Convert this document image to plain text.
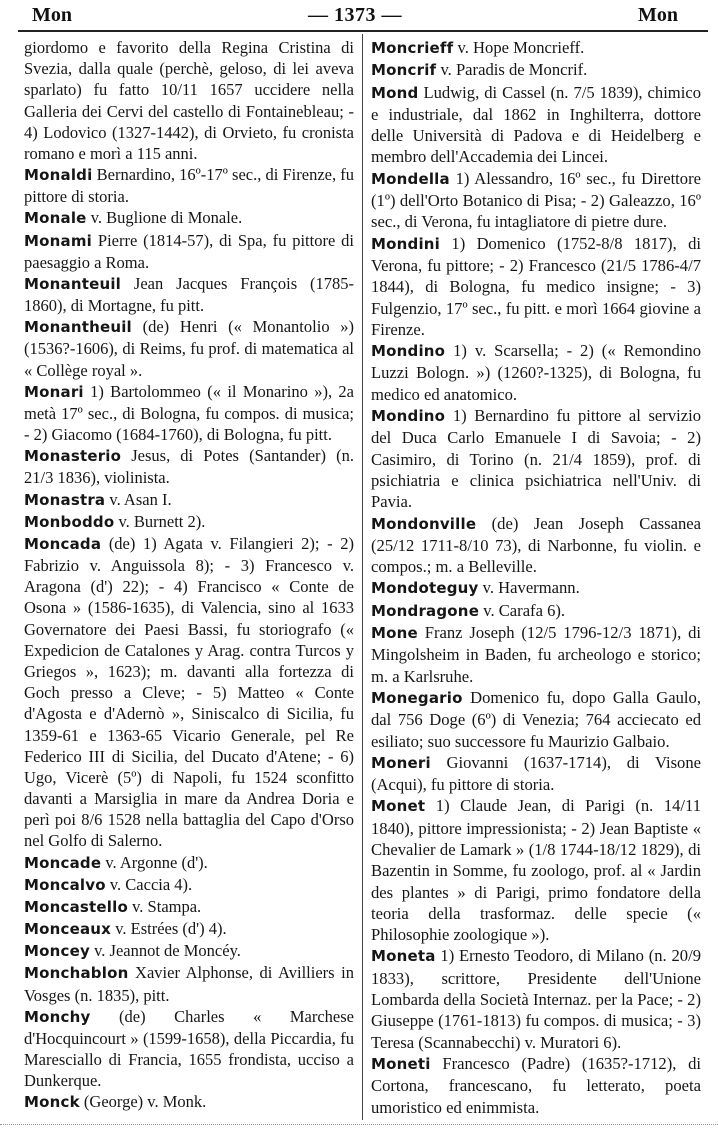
Mon	— 1373 —	Mon

giordomo e favorito della Regina Cristina di Svezia, dalla quale (perchè, geloso, di lei aveva sparlato) fu fatto 10/11 1657 uccidere nella Galleria dei Cervi del castello di Fontainebleau; - 4) Lodovico (1327-1442), di Orvieto, fu cronista romano e morì a 115 anni.

Monaldi Bernardino, 16º-17º sec., di Firenze, fu pittore di storia.

Monale v. Buglione di Monale.

Monami Pierre (1814-57), di Spa, fu pittore di paesaggio a Roma.

Monanteuil Jean Jacques François (1785-1860), di Mortagne, fu pitt.

Monantheuil (de) Henri (« Monantolio ») (1536?-1606), di Reims, fu prof. di matematica al « Collège royal ».

Monari 1) Bartolommeo (« il Monarino »), 2a metà 17º sec., di Bologna, fu compos. di musica; - 2) Giacomo (1684-1760), di Bologna, fu pitt.

Monasterio Jesus, di Potes (Santander) (n. 21/3 1836), violinista.

Monastra v. Asan I.

Monboddo v. Burnett 2).

Moncada (de) 1) Agata v. Filangieri 2); - 2) Fabrizio v. Anguissola 8); - 3) Francesco v. Aragona (d') 22); - 4) Francisco « Conte de Osona » (1586-1635), di Valencia, sino al 1633 Governatore dei Paesi Bassi, fu storiografo (« Expedicion de Catalones y Arag. contra Turcos y Griegos », 1623); m. davanti alla fortezza di Goch presso a Cleve; - 5) Matteo « Conte d'Agosta e d'Adernò », Siniscalco di Sicilia, fu 1359-61 e 1363-65 Vicario Generale, pel Re Federico III di Sicilia, del Ducato d'Atene; - 6) Ugo, Vicerè (5º) di Napoli, fu 1524 sconfitto davanti a Marsiglia in mare da Andrea Doria e perì poi 8/6 1528 nella battaglia del Capo d'Orso nel Golfo di Salerno.

Moncade v. Argonne (d').

Moncalvo v. Caccia 4).

Moncastello v. Stampa.

Monceaux v. Estrées (d') 4).

Moncey v. Jeannot de Moncéy.

Monchablon Xavier Alphonse, di Avilliers in Vosges (n. 1835), pitt.

Monchy (de) Charles « Marchese d'Hocquincourt » (1599-1658), della Piccardia, fu Maresciallo di Francia, 1655 frondista, ucciso a Dunkerque.

Monck (George) v. Monk.

Moncrieff v. Hope Moncrieff.

Moncrif v. Paradis de Moncrif.

Mond Ludwig, di Cassel (n. 7/5 1839), chimico e industriale, dal 1862 in Inghilterra, dottore delle Università di Padova e di Heidelberg e membro dell'Accademia dei Lincei.

Mondella 1) Alessandro, 16º sec., fu Direttore (1º) dell'Orto Botanico di Pisa; - 2) Galeazzo, 16º sec., di Verona, fu intagliatore di pietre dure.

Mondini 1) Domenico (1752-8/8 1817), di Verona, fu pittore; - 2) Francesco (21/5 1786-4/7 1844), di Bologna, fu medico insigne; - 3) Fulgenzio, 17º sec., fu pitt. e morì 1664 giovine a Firenze.

Mondino 1) v. Scarsella; - 2) (« Remondino Luzzi Bologn. ») (1260?-1325), di Bologna, fu medico ed anatomico.

Mondino 1) Bernardino fu pittore al servizio del Duca Carlo Emanuele I di Savoia; - 2) Casimiro, di Torino (n. 21/4 1859), prof. di psichiatria e clinica psichiatrica nell'Univ. di Pavia.

Mondonville (de) Jean Joseph Cassanea (25/12 1711-8/10 73), di Narbonne, fu violin. e compos.; m. a Belleville.

Mondoteguy v. Havermann.

Mondragone v. Carafa 6).

Mone Franz Joseph (12/5 1796-12/3 1871), di Mingolsheim in Baden, fu archeologo e storico; m. a Karlsruhe.

Monegario Domenico fu, dopo Galla Gaulo, dal 756 Doge (6º) di Venezia; 764 acciecato ed esiliato; suo successore fu Maurizio Galbaio.

Moneri Giovanni (1637-1714), di Visone (Acqui), fu pittore di storia.

Monet 1) Claude Jean, di Parigi (n. 14/11 1840), pittore impressionista; - 2) Jean Baptiste « Chevalier de Lamark » (1/8 1744-18/12 1829), di Bazentin in Somme, fu zoologo, prof. al « Jardin des plantes » di Parigi, primo fondatore della teoria della trasformaz. delle specie (« Philosophie zoologique »).

Moneta 1) Ernesto Teodoro, di Milano (n. 20/9 1833), scrittore, Presidente dell'Unione Lombarda della Società Internaz. per la Pace; - 2) Giuseppe (1761-1813) fu compos. di musica; - 3) Teresa (Scannabecchi) v. Muratori 6).

Moneti Francesco (Padre) (1635?-1712), di Cortona, francescano, fu letterato, poeta umoristico ed enimmista.
